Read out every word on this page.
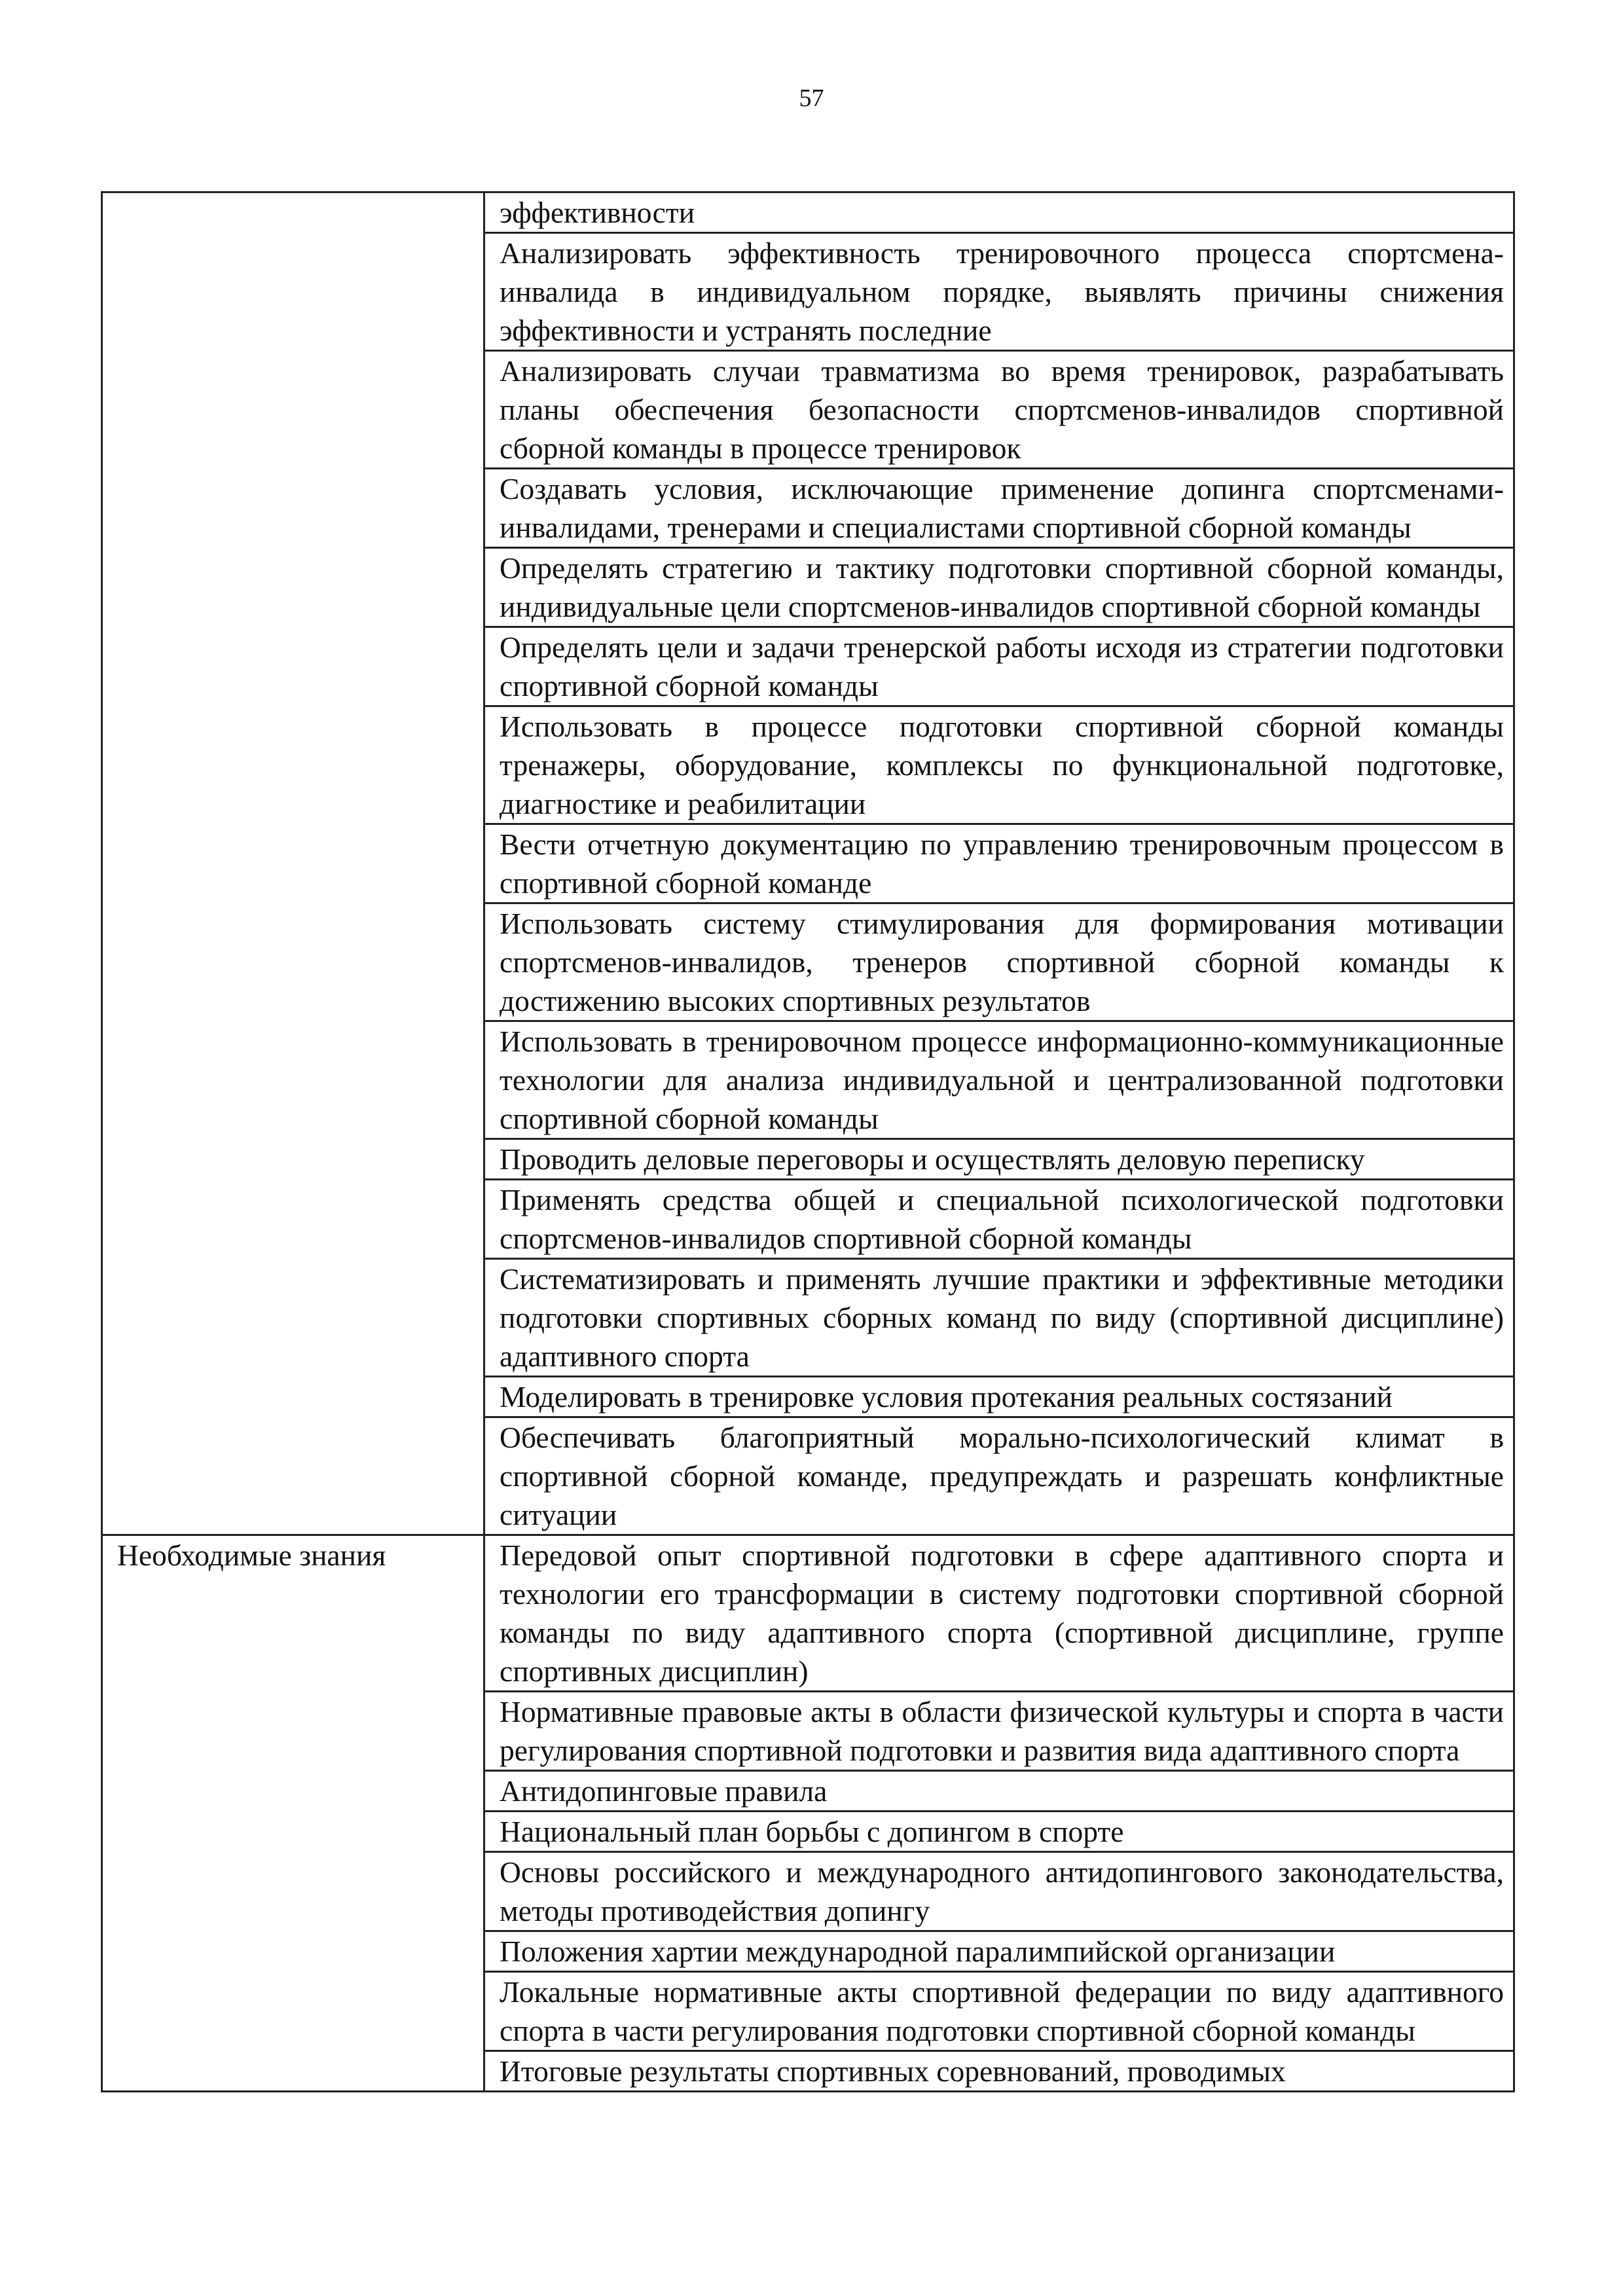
57
	эффективности
	Анализировать эффективность тренировочного процесса спортсмена-инвалида в индивидуальном порядке, выявлять причины снижения эффективности и устранять последние
	Анализировать случаи травматизма во время тренировок, разрабатывать планы обеспечения безопасности спортсменов-инвалидов спортивной сборной команды в процессе тренировок
	Создавать условия, исключающие применение допинга спортсменами-инвалидами, тренерами и специалистами спортивной сборной команды
	Определять стратегию и тактику подготовки спортивной сборной команды, индивидуальные цели спортсменов-инвалидов спортивной сборной команды
	Определять цели и задачи тренерской работы исходя из стратегии подготовки спортивной сборной команды
	Использовать в процессе подготовки спортивной сборной команды тренажеры, оборудование, комплексы по функциональной подготовке, диагностике и реабилитации
	Вести отчетную документацию по управлению тренировочным процессом в спортивной сборной команде
	Использовать систему стимулирования для формирования мотивации спортсменов-инвалидов, тренеров спортивной сборной команды к достижению высоких спортивных результатов
	Использовать в тренировочном процессе информационно-коммуникационные технологии для анализа индивидуальной и централизованной подготовки спортивной сборной команды
	Проводить деловые переговоры и осуществлять деловую переписку
	Применять средства общей и специальной психологической подготовки спортсменов-инвалидов спортивной сборной команды
	Систематизировать и применять лучшие практики и эффективные методики подготовки спортивных сборных команд по виду (спортивной дисциплине) адаптивного спорта
	Моделировать в тренировке условия протекания реальных состязаний
	Обеспечивать благоприятный морально-психологический климат в спортивной сборной команде, предупреждать и разрешать конфликтные ситуации
Необходимые знания	Передовой опыт спортивной подготовки в сфере адаптивного спорта и технологии его трансформации в систему подготовки спортивной сборной команды по виду адаптивного спорта (спортивной дисциплине, группе спортивных дисциплин)
	Нормативные правовые акты в области физической культуры и спорта в части регулирования спортивной подготовки и развития вида адаптивного спорта
	Антидопинговые правила
	Национальный план борьбы с допингом в спорте
	Основы российского и международного антидопингового законодательства, методы противодействия допингу
	Положения хартии международной паралимпийской организации
	Локальные нормативные акты спортивной федерации по виду адаптивного спорта в части регулирования подготовки спортивной сборной команды
	Итоговые результаты спортивных соревнований, проводимых
